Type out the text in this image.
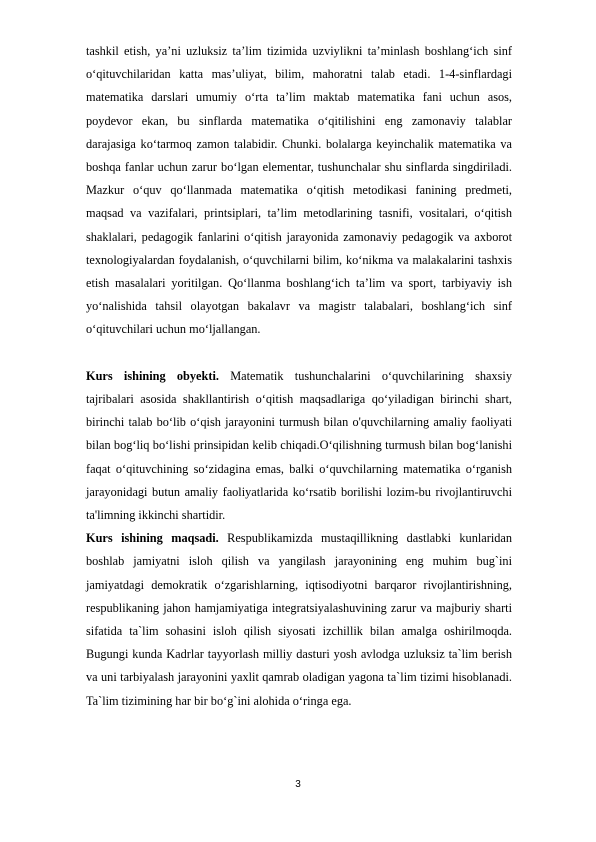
tashkil etish, ya’ni uzluksiz ta’lim tizimida uzviylikni ta’minlash boshlang‘ich sinf o‘qituvchilaridan katta mas’uliyat, bilim, mahoratni talab etadi. 1-4-sinflardagi matematika darslari umumiy o‘rta ta’lim maktab matematika fani uchun asos, poydevor ekan, bu sinflarda matematika o‘qitilishini eng zamonaviy talablar darajasiga ko‘tarmoq zamon talabidir. Chunki. bolalarga keyinchalik matematika va boshqa fanlar uchun zarur bo‘lgan elementar, tushunchalar shu sinflarda singdiriladi. Mazkur o‘quv qo‘llanmada matematika o‘qitish metodikasi fanining predmeti, maqsad va vazifalari, printsiplari, ta’lim metodlarining tasnifi, vositalari, o‘qitish shaklalari, pedagogik fanlarini o‘qitish jarayonida zamonaviy pedagogik va axborot texnologiyalardan foydalanish, o‘quvchilarni bilim, ko‘nikma va malakalarini tashxis etish masalalari yoritilgan. Qo‘llanma boshlang‘ich ta’lim va sport, tarbiyaviy ish yo‘nalishida tahsil olayotgan bakalavr va magistr talabalari, boshlang‘ich sinf o‘qituvchilari uchun mo‘ljallangan.

Kurs ishining obyekti. Matematik tushunchalarini o‘quvchilarining shaxsiy tajribalari asosida shakllantirish o‘qitish maqsadlariga qo‘yiladigan birinchi shart, birinchi talab bo‘lib o‘qish jarayonini turmush bilan o'quvchilarning amaliy faoliyati bilan bog‘liq bo‘lishi prinsipidan kelib chiqadi.O‘qilishning turmush bilan bog‘lanishi faqat o‘qituvchining so‘zidagina emas, balki o‘quvchilarning matematika o‘rganish jarayonidagi butun amaliy faoliyatlarida ko‘rsatib borilishi lozim-bu rivojlantiruvchi ta'limning ikkinchi shartidir.

Kurs ishining maqsadi. Respublikamizda mustaqillikning dastlabki kunlaridan boshlab jamiyatni isloh qilish va yangilash jarayonining eng muhim bug`ini jamiyatdagi demokratik o‘zgarishlarning, iqtisodiyotni barqaror rivojlantirishning, respublikaning jahon hamjamiyatiga integratsiyalashuvining zarur va majburiy sharti sifatida ta`lim sohasini isloh qilish siyosati izchillik bilan amalga oshirilmoqda. Bugungi kunda Kadrlar tayyorlash milliy dasturi yosh avlodga uzluksiz ta`lim berish va uni tarbiyalash jarayonini yaxlit qamrab oladigan yagona ta`lim tizimi hisoblanadi. Ta`lim tizimining har bir bo‘g`ini alohida o‘ringa ega.

3
